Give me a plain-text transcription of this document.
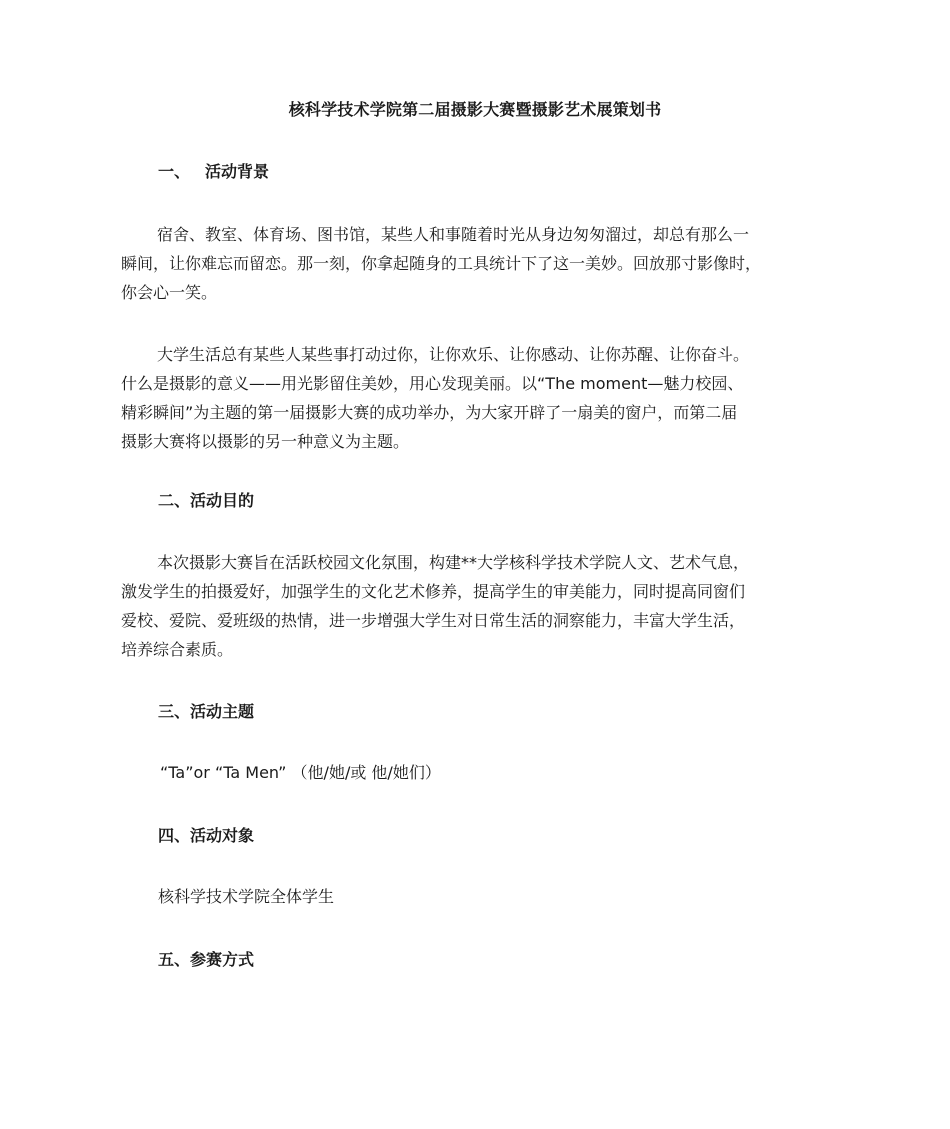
核科学技术学院第二届摄影大赛暨摄影艺术展策划书
一、 活动背景
宿舍、教室、体育场、图书馆，某些人和事随着时光从身边匆匆溜过，却总有那么一
瞬间，让你难忘而留恋。那一刻，你拿起随身的工具统计下了这一美妙。回放那寸影像时，
你会心一笑。
大学生活总有某些人某些事打动过你，让你欢乐、让你感动、让你苏醒、让你奋斗。
什么是摄影的意义——用光影留住美妙，用心发现美丽。以“The moment—魅力校园、
精彩瞬间”为主题的第一届摄影大赛的成功举办，为大家开辟了一扇美的窗户，而第二届
摄影大赛将以摄影的另一种意义为主题。
二、活动目的
本次摄影大赛旨在活跃校园文化氛围，构建**大学核科学技术学院人文、艺术气息，
激发学生的拍摄爱好，加强学生的文化艺术修养，提高学生的审美能力，同时提高同窗们
爱校、爱院、爱班级的热情，进一步增强大学生对日常生活的洞察能力，丰富大学生活，
培养综合素质。
三、活动主题
“Ta”or “Ta Men” （他/她/或 他/她们）
四、活动对象
核科学技术学院全体学生
五、参赛方式
